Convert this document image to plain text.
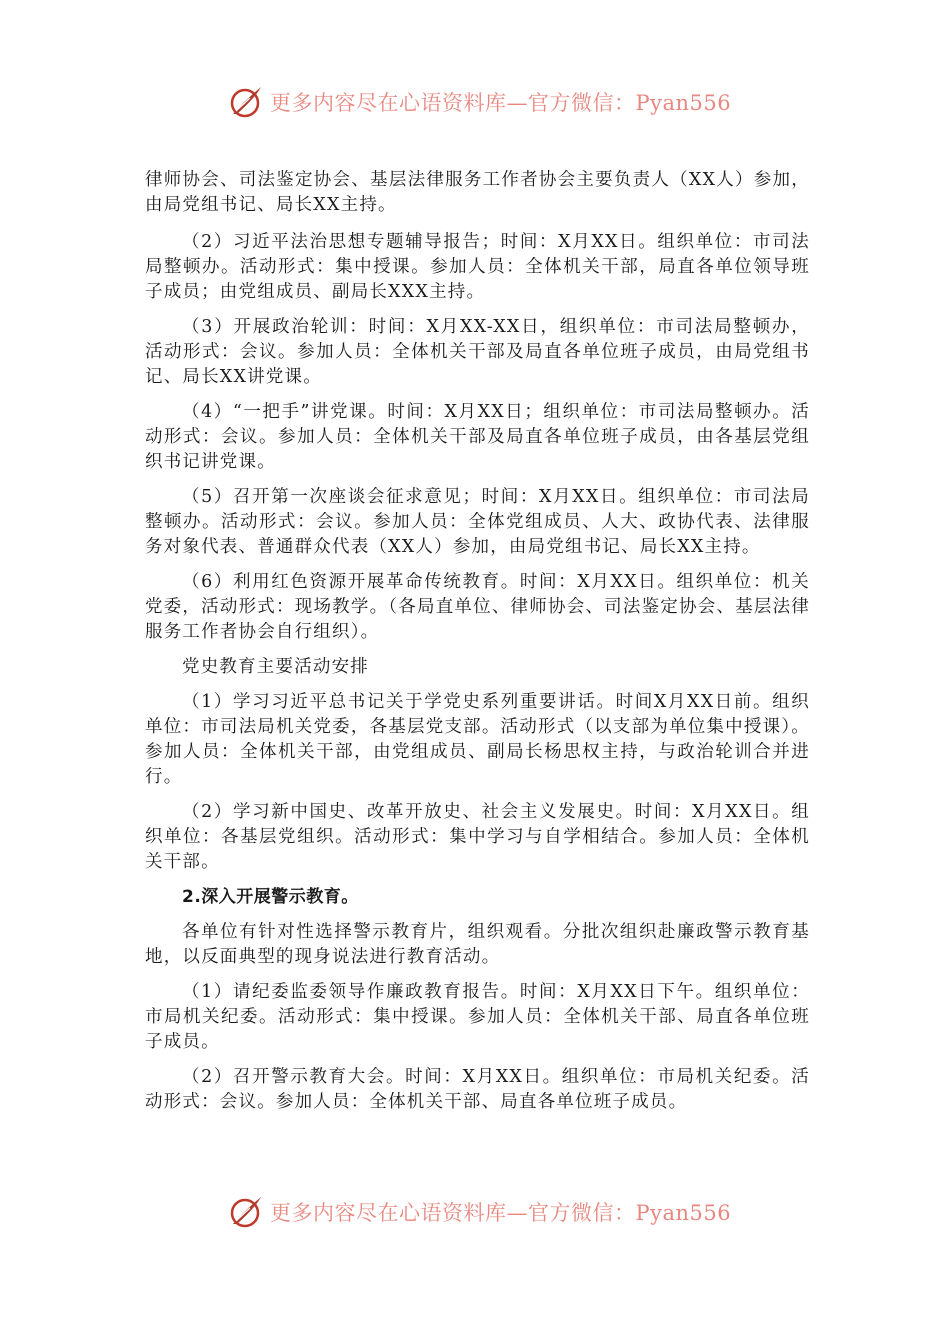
更多内容尽在心语资料库—官方微信：Pyan556

律师协会、司法鉴定协会、基层法律服务工作者协会主要负责人（XX人）参加，由局党组书记、局长XX主持。

（2）习近平法治思想专题辅导报告；时间：X月XX日。组织单位：市司法局整顿办。活动形式：集中授课。参加人员：全体机关干部，局直各单位领导班子成员；由党组成员、副局长XXX主持。

（3）开展政治轮训：时间：X月XX-XX日，组织单位：市司法局整顿办，活动形式：会议。参加人员：全体机关干部及局直各单位班子成员，由局党组书记、局长XX讲党课。

（4）“一把手”讲党课。时间：X月XX日；组织单位：市司法局整顿办。活动形式：会议。参加人员：全体机关干部及局直各单位班子成员，由各基层党组织书记讲党课。

（5）召开第一次座谈会征求意见；时间：X月XX日。组织单位：市司法局整顿办。活动形式：会议。参加人员：全体党组成员、人大、政协代表、法律服务对象代表、普通群众代表（XX人）参加，由局党组书记、局长XX主持。

（6）利用红色资源开展革命传统教育。时间：X月XX日。组织单位：机关党委，活动形式：现场教学。（各局直单位、律师协会、司法鉴定协会、基层法律服务工作者协会自行组织）。

党史教育主要活动安排

（1）学习习近平总书记关于学党史系列重要讲话。时间X月XX日前。组织单位：市司法局机关党委，各基层党支部。活动形式（以支部为单位集中授课）。参加人员：全体机关干部，由党组成员、副局长杨思权主持，与政治轮训合并进行。

（2）学习新中国史、改革开放史、社会主义发展史。时间：X月XX日。组织单位：各基层党组织。活动形式：集中学习与自学相结合。参加人员：全体机关干部。

2.深入开展警示教育。

各单位有针对性选择警示教育片，组织观看。分批次组织赴廉政警示教育基地，以反面典型的现身说法进行教育活动。

（1）请纪委监委领导作廉政教育报告。时间：X月XX日下午。组织单位：市局机关纪委。活动形式：集中授课。参加人员：全体机关干部、局直各单位班子成员。

（2）召开警示教育大会。时间：X月XX日。组织单位：市局机关纪委。活动形式：会议。参加人员：全体机关干部、局直各单位班子成员。

更多内容尽在心语资料库—官方微信：Pyan556
